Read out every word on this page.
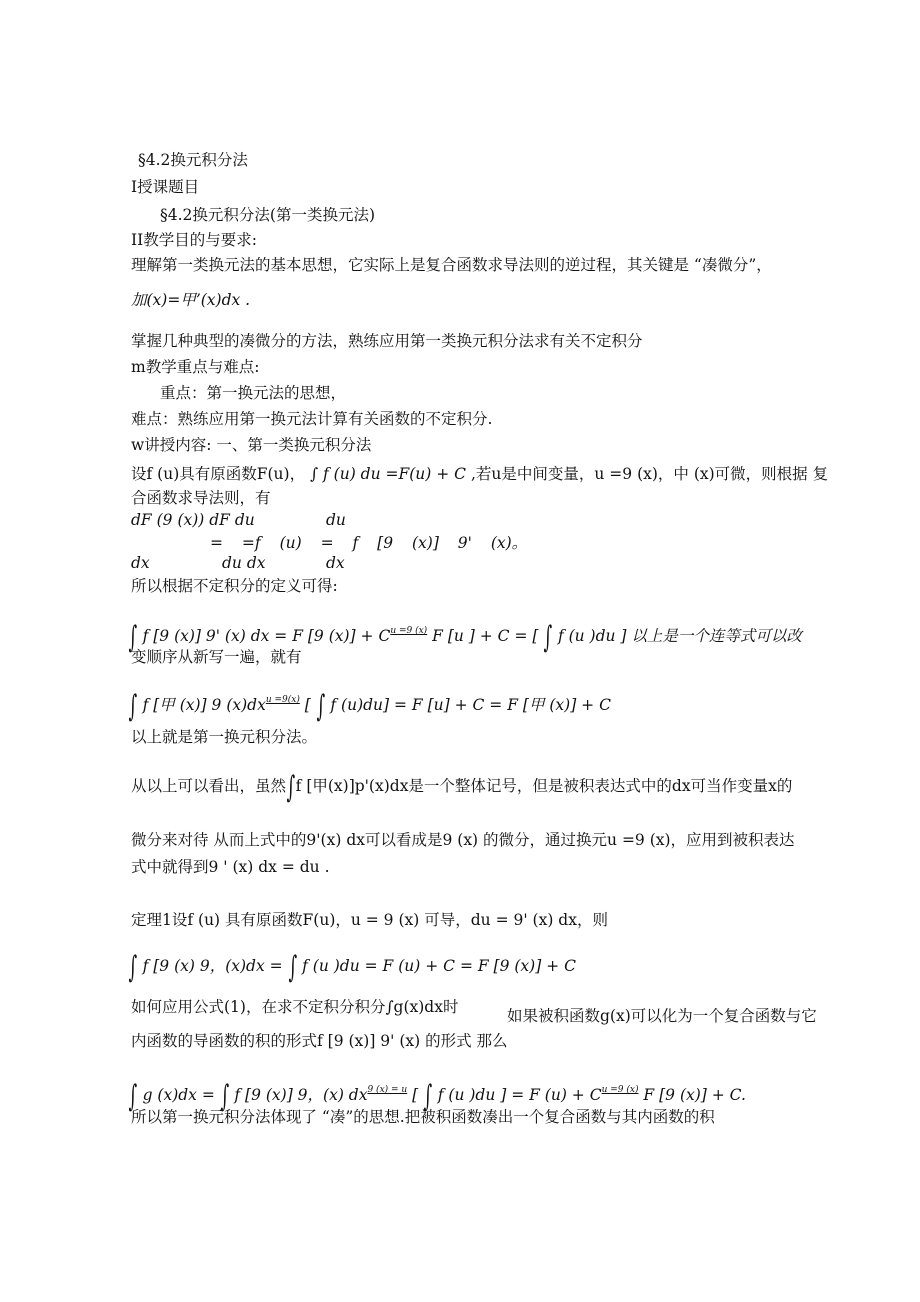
§4.2换元积分法
I授课题目
§4.2换元积分法(第一类换元法)
II教学目的与要求:
理解第一类换元法的基本思想，它实际上是复合函数求导法则的逆过程，其关键是 “凑微分”，
加(x)=甲’(x)dx .
掌握几种典型的凑微分的方法，熟练应用第一类换元积分法求有关不定积分
m教学重点与难点:
重点：第一换元法的思想，
难点：熟练应用第一换元法计算有关函数的不定积分.
w讲授内容: 一、第一类换元积分法
设f (u)具有原函数F(u)， ∫ f (u) du =F(u) + C ,若u是中间变量，u =9 (x)，中 (x)可微，则根据 复
合函数求导法则，有
dF (9 (x)) dF du	du
= =f (u) = f [9 (x)] 9' (x)。
dx	du dx	dx
所以根据不定积分的定义可得:
∫ f [9 (x)] 9' (x) dx = F [9 $(x)] + C^{u =9 (x)}$ F [u ] + C = [ ∫ f (u )du ] 以上是一个连等式可以改
变顺序从新写一遍，就有
∫ f [甲 (x)] 9 $(x)dx^{u =9(x)}$ [ ∫ f (u)du] = F [u] + C = F [甲 (x)] + C
以上就是第一换元积分法。
从以上可以看出，虽然∫f [甲(x)]p'(x)dx是一个整体记号，但是被积表达式中的dx可当作变量x的
微分来对待 从而上式中的9'(x) dx可以看成是9 (x) 的微分，通过换元u =9 (x)，应用到被积表达
式中就得到9 ' (x) dx = du .
定理1设f (u) 具有原函数F(u)，u = 9 (x) 可导，du = 9' (x) dx，则
∫ f [9 (x) 9，(x)dx = ∫ f (u )du = F (u) + C = F [9 (x)] + C
如何应用公式(1)，在求不定积分积分∫g(x)dx时	如果被积函数g(x)可以化为一个复合函数与它
内函数的导函数的积的形式f [9 (x)] 9' (x) 的形式 那么
∫ g (x)dx = ∫ f [9 (x)] 9，(x) $dx^{9 (x) = u}$ [ ∫ f (u )du ] = F $(u) + C^{u =9 (x)}$ F [9 (x)] + C.
所以第一换元积分法体现了 “凑”的思想.把被积函数凑出一个复合函数与其内函数的积
